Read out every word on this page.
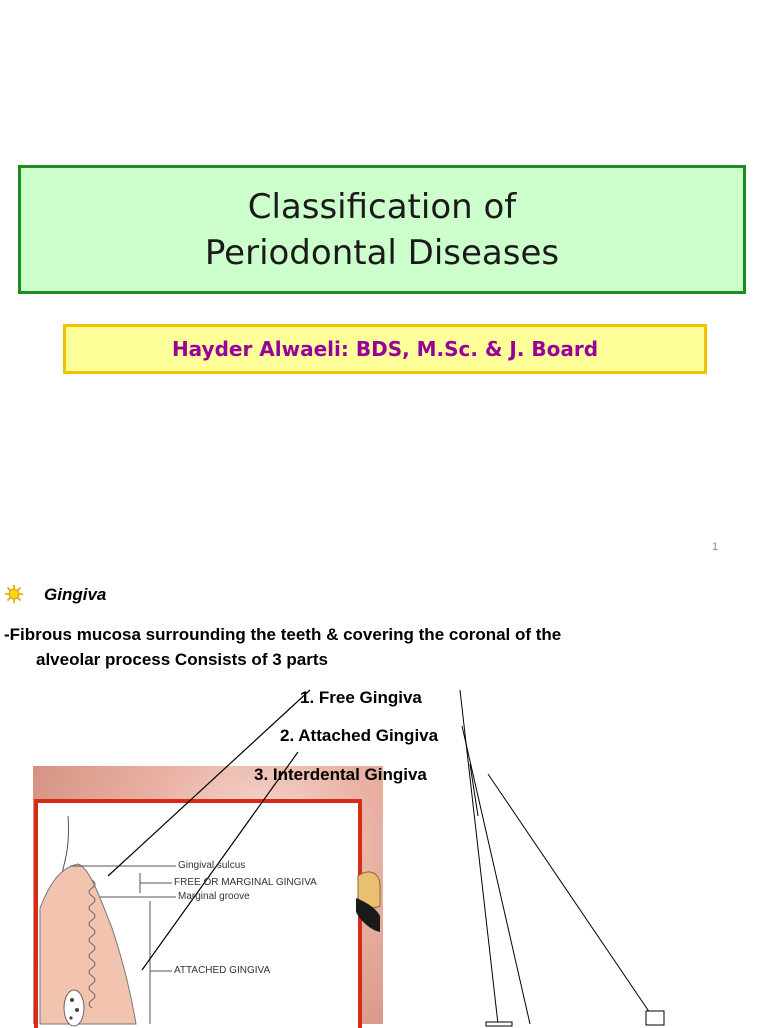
Classification of
Periodontal Diseases
Hayder Alwaeli: BDS, M.Sc. & J. Board
1
Gingiva
-Fibrous mucosa surrounding the teeth & covering the coronal of the
alveolar process Consists of 3 parts
Gingival sulcus
FREE OR MARGINAL GINGIVA
Marginal groove
ATTACHED GINGIVA
1. Free Gingiva
2. Attached Gingiva
3. Interdental Gingiva
